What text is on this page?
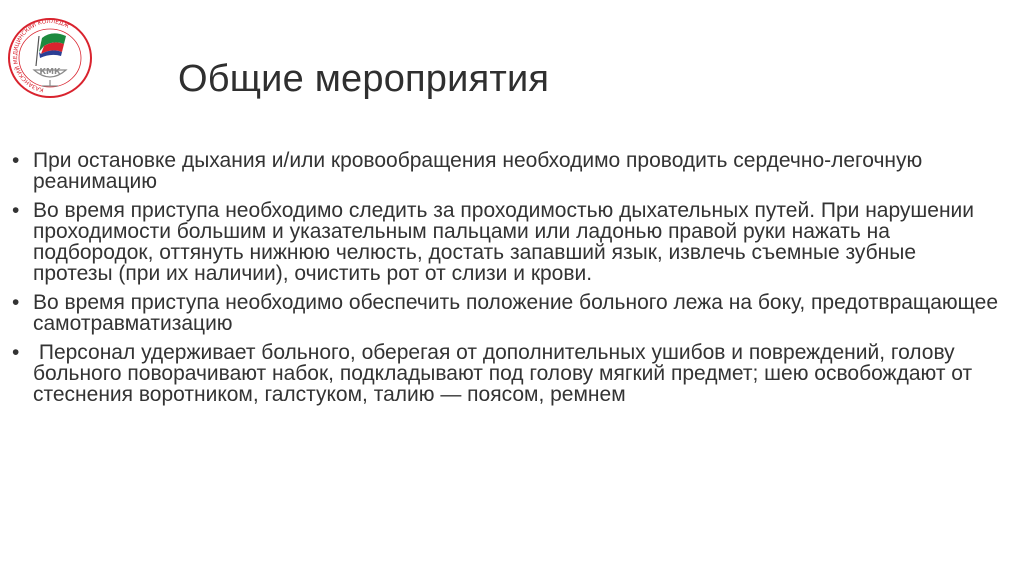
КМК
КАЗАНСКИЙ МЕДИЦИНСКИЙ КОЛЛЕДЖ
Общие мероприятия
• При остановке дыхания и/или кровообращения необходимо проводить сердечно-легочную реанимацию
• Во время приступа необходимо следить за проходимостью дыхательных путей. При нарушении проходимости большим и указательным пальцами или ладонью правой руки нажать на подбородок, оттянуть нижнюю челюсть, достать запавший язык, извлечь съемные зубные протезы (при их наличии), очистить рот от слизи и крови.
• Во время приступа необходимо обеспечить положение больного лежа на боку, предотвращающее самотравматизацию
• Персонал удерживает больного, оберегая от дополнительных ушибов и повреждений, голову больного поворачивают набок, подкладывают под голову мягкий предмет; шею освобождают от стеснения воротником, галстуком, талию — поясом, ремнем
